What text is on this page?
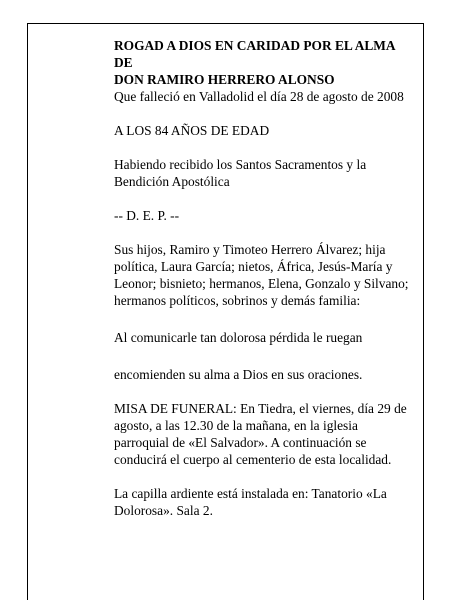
ROGAD A DIOS EN CARIDAD POR EL ALMA

DE

DON RAMIRO HERRERO ALONSO

Que falleció en Valladolid el día 28 de agosto de 2008

A LOS 84 AÑOS DE EDAD

Habiendo recibido los Santos Sacramentos y la

Bendición Apostólica

-- D. E. P. --

Sus hijos, Ramiro y Timoteo Herrero Álvarez; hija

política, Laura García; nietos, África, Jesús-María y

Leonor; bisnieto; hermanos, Elena, Gonzalo y Silvano;

hermanos políticos, sobrinos y demás familia:

Al comunicarle tan dolorosa pérdida le ruegan

encomienden su alma a Dios en sus oraciones.

MISA DE FUNERAL: En Tiedra, el viernes, día 29 de

agosto, a las 12.30 de la mañana, en la iglesia

parroquial de «El Salvador». A continuación se

conducirá el cuerpo al cementerio de esta localidad.

La capilla ardiente está instalada en: Tanatorio «La

Dolorosa». Sala 2.
